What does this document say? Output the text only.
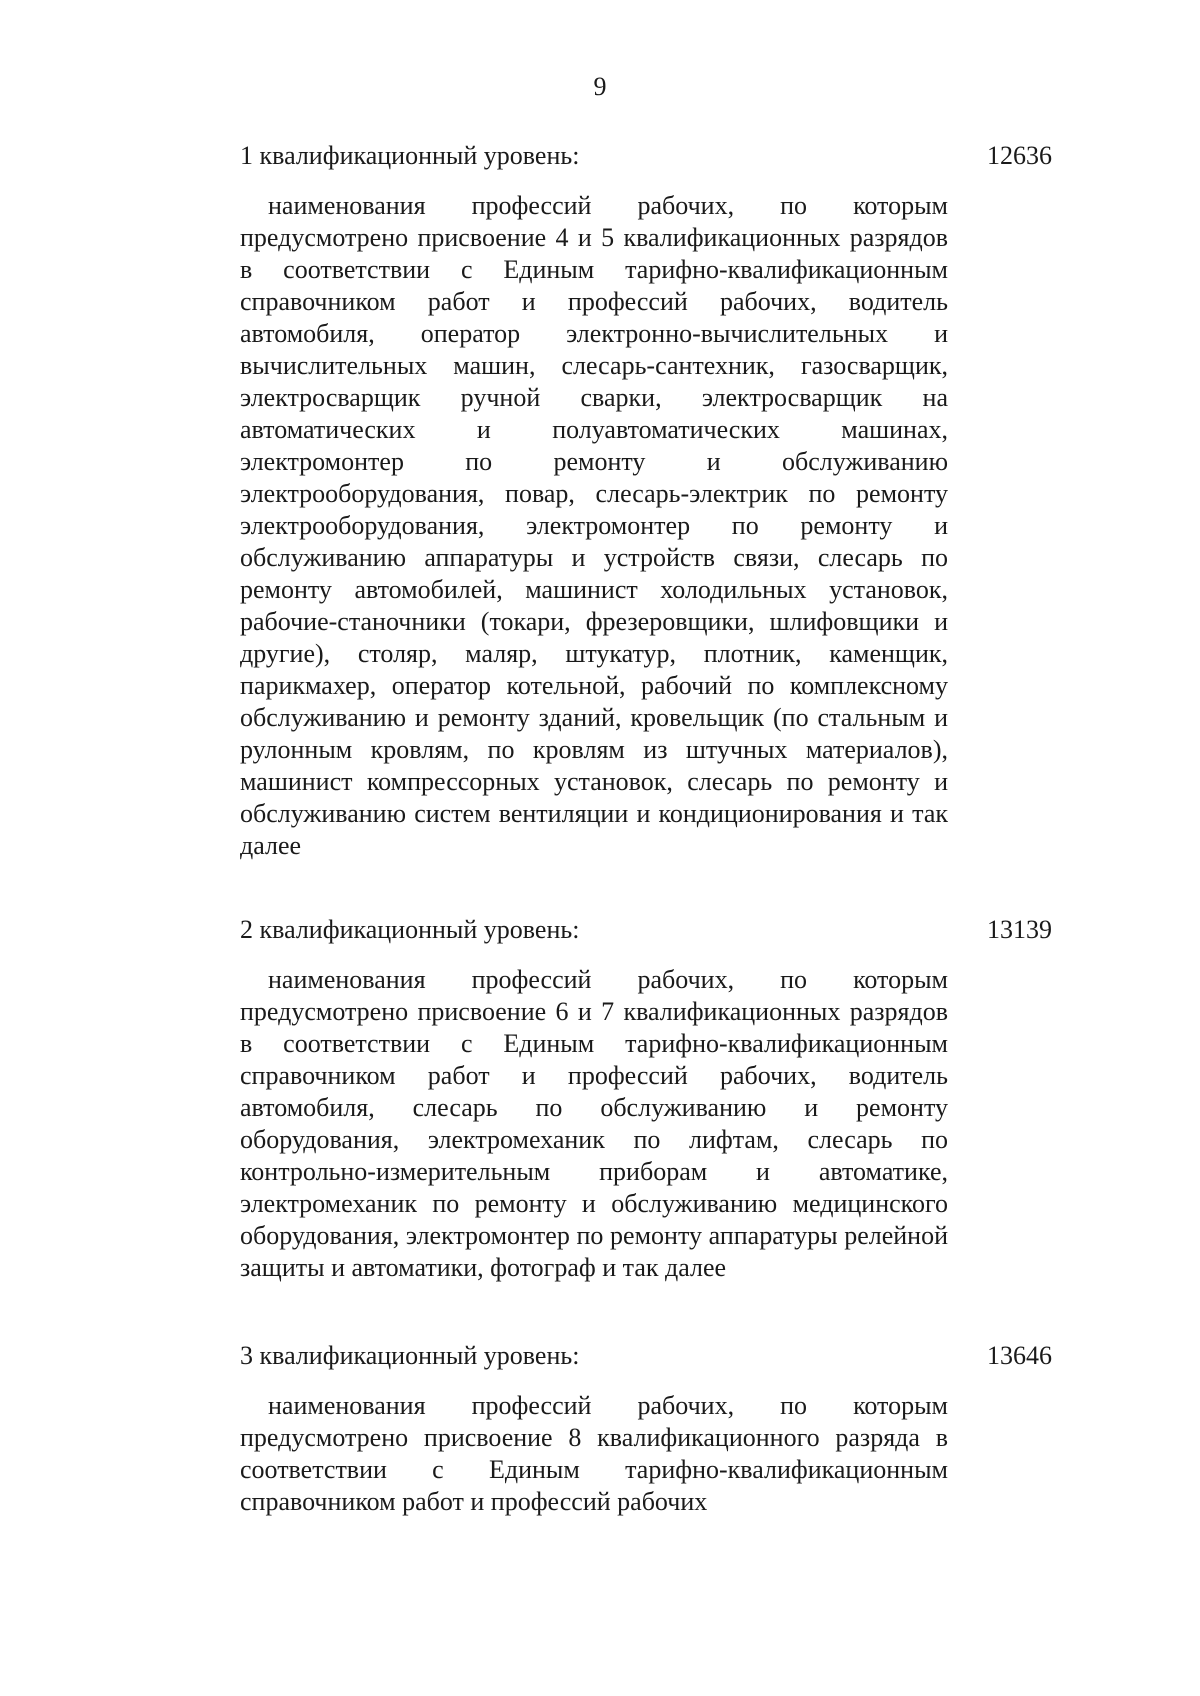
9
1 квалификационный уровень:	12636

наименования профессий рабочих, по которым предусмотрено присвоение 4 и 5 квалификационных разрядов в соответствии с Единым тарифно-квалификационным справочником работ и профессий рабочих, водитель автомобиля, оператор электронно-вычислительных и вычислительных машин, слесарь-сантехник, газосварщик, электросварщик ручной сварки, электросварщик на автоматических и полуавтоматических машинах, электромонтер по ремонту и обслуживанию электрооборудования, повар, слесарь-электрик по ремонту электрооборудования, электромонтер по ремонту и обслуживанию аппаратуры и устройств связи, слесарь по ремонту автомобилей, машинист холодильных установок, рабочие-станочники (токари, фрезеровщики, шлифовщики и другие), столяр, маляр, штукатур, плотник, каменщик, парикмахер, оператор котельной, рабочий по комплексному обслуживанию и ремонту зданий, кровельщик (по стальным и рулонным кровлям, по кровлям из штучных материалов), машинист компрессорных установок, слесарь по ремонту и обслуживанию систем вентиляции и кондиционирования и так далее

2 квалификационный уровень:	13139

наименования профессий рабочих, по которым предусмотрено присвоение 6 и 7 квалификационных разрядов в соответствии с Единым тарифно-квалификационным справочником работ и профессий рабочих, водитель автомобиля, слесарь по обслуживанию и ремонту оборудования, электромеханик по лифтам, слесарь по контрольно-измерительным приборам и автоматике, электромеханик по ремонту и обслуживанию медицинского оборудования, электромонтер по ремонту аппаратуры релейной защиты и автоматики, фотограф и так далее

3 квалификационный уровень:	13646

наименования профессий рабочих, по которым предусмотрено присвоение 8 квалификационного разряда в соответствии с Единым тарифно-квалификационным справочником работ и профессий рабочих
